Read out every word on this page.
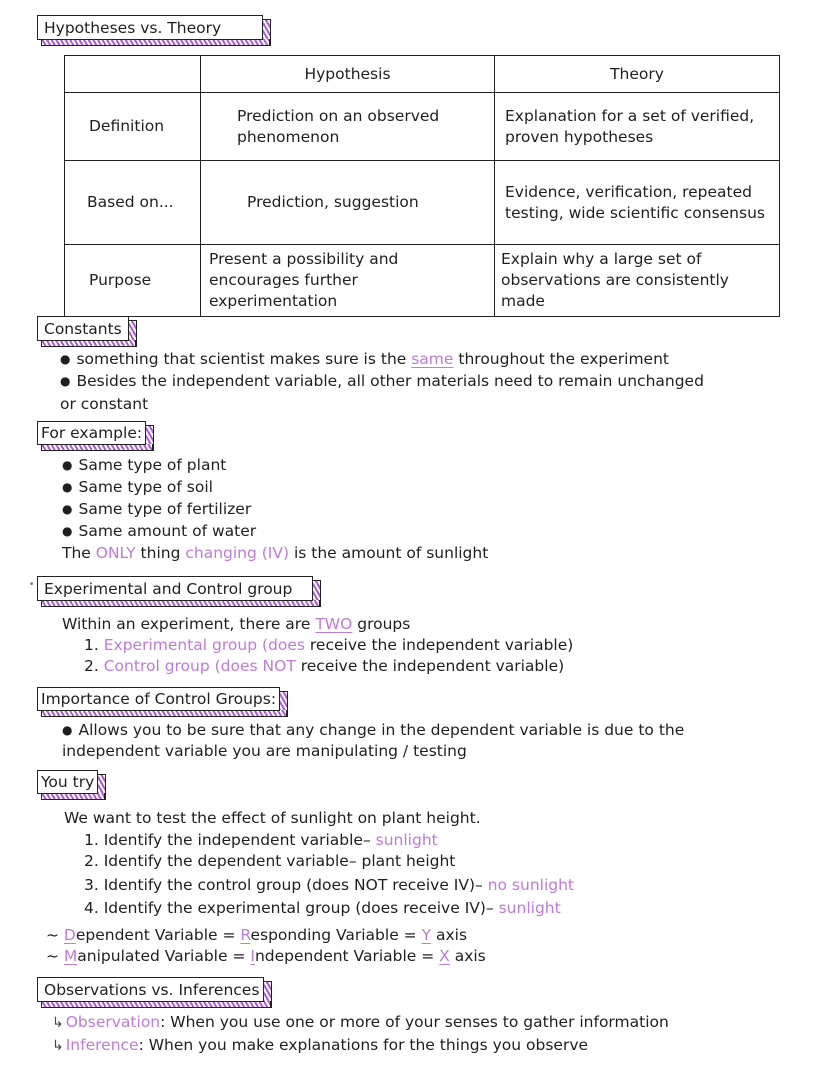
Hypotheses vs. Theory
	Hypothesis	Theory
Definition	Prediction on an observed phenomenon	Explanation for a set of verified, proven hypotheses
Based on...	Prediction, suggestion	Evidence, verification, repeated testing, wide scientific consensus
Purpose	Present a possibility and encourages further experimentation	Explain why a large set of observations are consistently made
Constants
● something that scientist makes sure is the same throughout the experiment
● Besides the independent variable, all other materials need to remain unchanged
or constant
For example:
● Same type of plant
● Same type of soil
● Same type of fertilizer
● Same amount of water
The ONLY thing changing (IV) is the amount of sunlight
• Experimental and Control group
Within an experiment, there are TWO groups
1. Experimental group (does receive the independent variable)
2. Control group (does NOT receive the independent variable)
Importance of Control Groups:
● Allows you to be sure that any change in the dependent variable is due to the
independent variable you are manipulating / testing
You try
We want to test the effect of sunlight on plant height.
1. Identify the independent variable– sunlight
2. Identify the dependent variable– plant height
3. Identify the control group (does NOT receive IV)– no sunlight
4. Identify the experimental group (does receive IV)– sunlight
~ Dependent Variable = Responding Variable = Y axis
~ Manipulated Variable = Independent Variable = X axis
Observations vs. Inferences
↳ Observation: When you use one or more of your senses to gather information
↳ Inference: When you make explanations for the things you observe
